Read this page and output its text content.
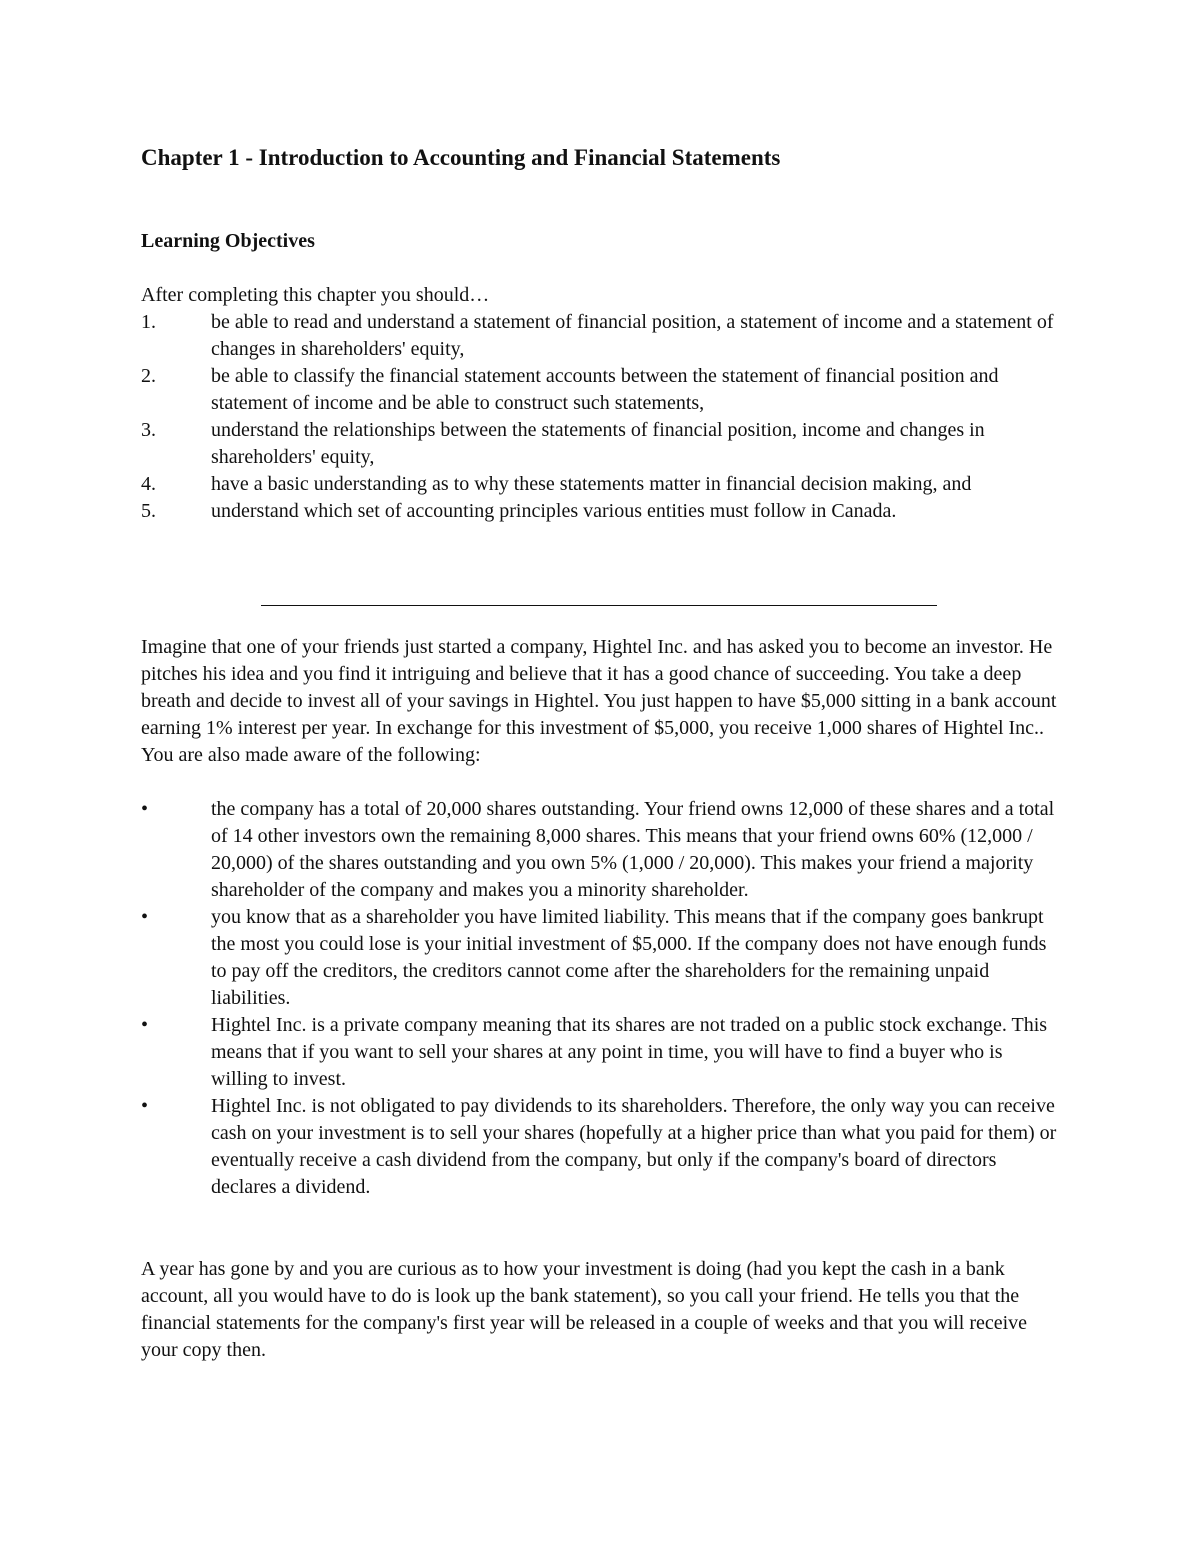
Chapter 1 - Introduction to Accounting and Financial Statements
Learning Objectives

After completing this chapter you should…

1.	be able to read and understand a statement of financial position, a statement of income and a statement of changes in shareholders' equity,
2.	be able to classify the financial statement accounts between the statement of financial position and statement of income and be able to construct such statements,
3.	understand the relationships between the statements of financial position, income and changes in shareholders' equity,
4.	have a basic understanding as to why these statements matter in financial decision making, and
5.	understand which set of accounting principles various entities must follow in Canada.

Imagine that one of your friends just started a company, Hightel Inc. and has asked you to become an investor. He pitches his idea and you find it intriguing and believe that it has a good chance of succeeding. You take a deep breath and decide to invest all of your savings in Hightel. You just happen to have $5,000 sitting in a bank account earning 1% interest per year. In exchange for this investment of $5,000, you receive 1,000 shares of Hightel Inc.. You are also made aware of the following:

•	the company has a total of 20,000 shares outstanding. Your friend owns 12,000 of these shares and a total of 14 other investors own the remaining 8,000 shares. This means that your friend owns 60% (12,000 / 20,000) of the shares outstanding and you own 5% (1,000 / 20,000). This makes your friend a majority shareholder of the company and makes you a minority shareholder.
•	you know that as a shareholder you have limited liability. This means that if the company goes bankrupt the most you could lose is your initial investment of $5,000. If the company does not have enough funds to pay off the creditors, the creditors cannot come after the shareholders for the remaining unpaid liabilities.
•	Hightel Inc. is a private company meaning that its shares are not traded on a public stock exchange. This means that if you want to sell your shares at any point in time, you will have to find a buyer who is willing to invest.
•	Hightel Inc. is not obligated to pay dividends to its shareholders. Therefore, the only way you can receive cash on your investment is to sell your shares (hopefully at a higher price than what you paid for them) or eventually receive a cash dividend from the company, but only if the company's board of directors declares a dividend.

A year has gone by and you are curious as to how your investment is doing (had you kept the cash in a bank account, all you would have to do is look up the bank statement), so you call your friend. He tells you that the financial statements for the company's first year will be released in a couple of weeks and that you will receive your copy then.
